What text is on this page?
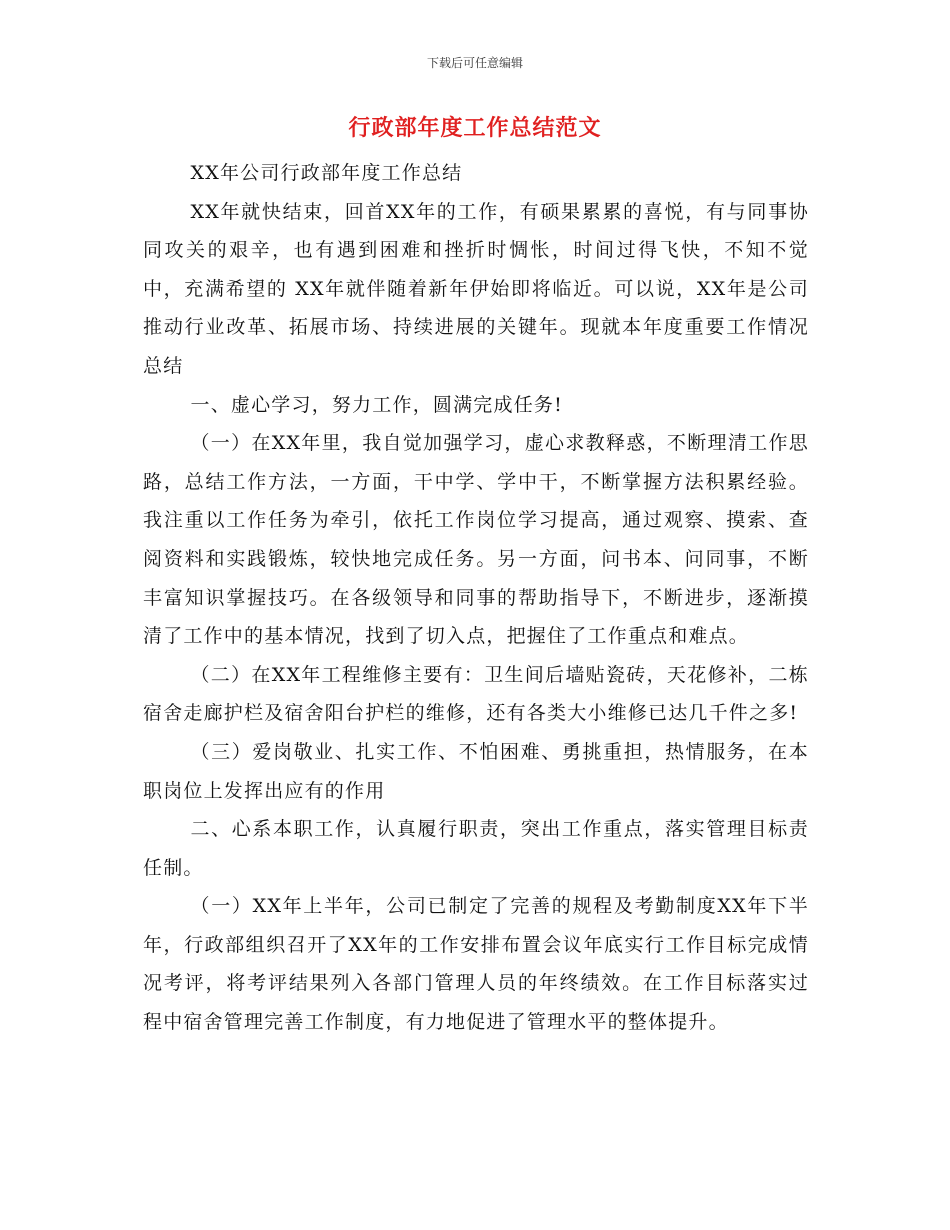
下载后可任意编辑
行政部年度工作总结范文

XX年公司行政部年度工作总结

XX年就快结束，回首XX年的工作，有硕果累累的喜悦，有与同事协同攻关的艰辛，也有遇到困难和挫折时惆怅，时间过得飞快，不知不觉中，充满希望的 XX年就伴随着新年伊始即将临近。可以说，XX年是公司推动行业改革、拓展市场、持续进展的关键年。现就本年度重要工作情况总结

一、虚心学习，努力工作，圆满完成任务!

（一）在XX年里，我自觉加强学习，虚心求教释惑，不断理清工作思路，总结工作方法，一方面，干中学、学中干，不断掌握方法积累经验。我注重以工作任务为牵引，依托工作岗位学习提高，通过观察、摸索、查阅资料和实践锻炼，较快地完成任务。另一方面，问书本、问同事，不断丰富知识掌握技巧。在各级领导和同事的帮助指导下，不断进步，逐渐摸清了工作中的基本情况，找到了切入点，把握住了工作重点和难点。

（二）在XX年工程维修主要有：卫生间后墙贴瓷砖，天花修补，二栋宿舍走廊护栏及宿舍阳台护栏的维修，还有各类大小维修已达几千件之多!

（三）爱岗敬业、扎实工作、不怕困难、勇挑重担，热情服务，在本职岗位上发挥出应有的作用

二、心系本职工作，认真履行职责，突出工作重点，落实管理目标责任制。

（一）XX年上半年，公司已制定了完善的规程及考勤制度XX年下半年，行政部组织召开了XX年的工作安排布置会议年底实行工作目标完成情况考评，将考评结果列入各部门管理人员的年终绩效。在工作目标落实过程中宿舍管理完善工作制度，有力地促进了管理水平的整体提升。
